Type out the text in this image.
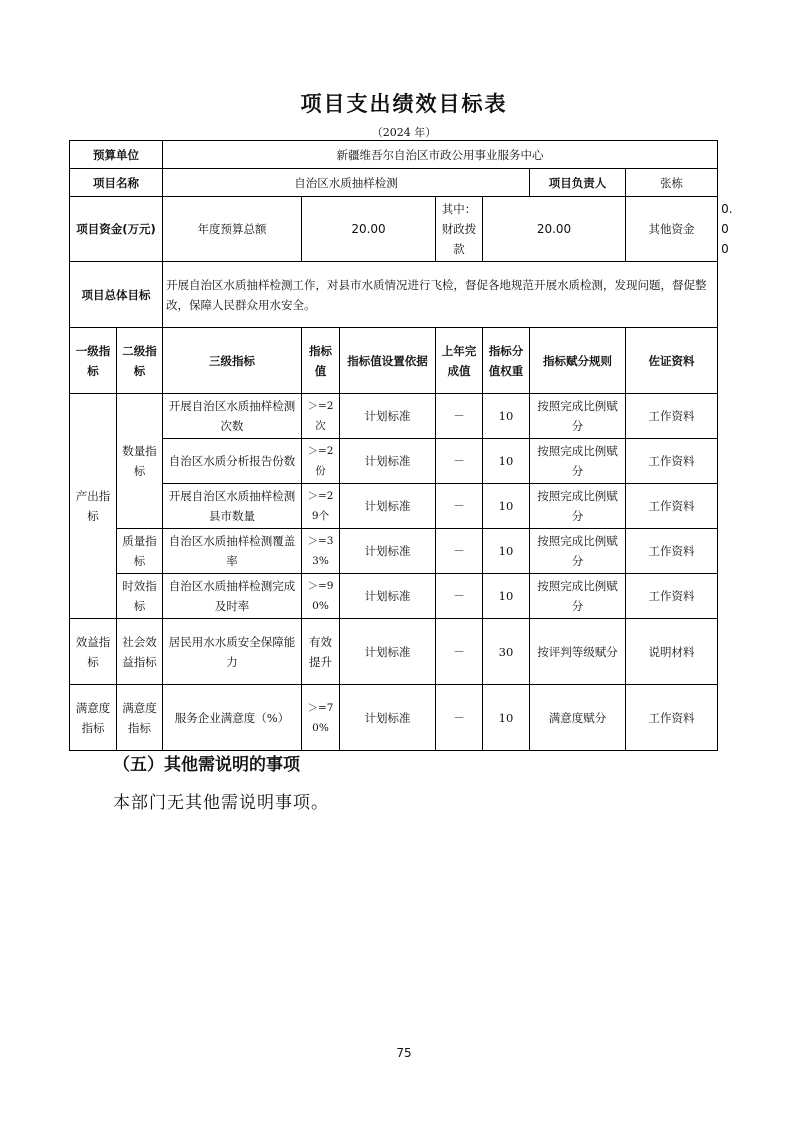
项目支出绩效目标表
（2024 年）
预算单位		新疆维吾尔自治区市政公用事业服务中心							
项目名称		自治区水质抽样检测					项目负责人	张栋	
项目资金(万元)		年度预算总额	20.00		其中：财政拨款	20.00		其他资金	0.00
项目总体目标		开展自治区水质抽样检测工作，对县市水质情况进行飞检，督促各地规范开展水质检测，发现问题，督促整改，保障人民群众用水安全。							
一级指标	二级指标	三级指标	指标值	指标值设置依据	上年完成值	指标分值权重	指标赋分规则	佐证资料	
产出指标	数量指标	开展自治区水质抽样检测次数	＞=2次	计划标准	－	10	按照完成比例赋分	工作资料	
		自治区水质分析报告份数	＞=2份	计划标准	－	10	按照完成比例赋分	工作资料	
		开展自治区水质抽样检测县市数量	＞=29个	计划标准	－	10	按照完成比例赋分	工作资料	
	质量指标	自治区水质抽样检测覆盖率	＞=33%	计划标准	－	10	按照完成比例赋分	工作资料	
	时效指标	自治区水质抽样检测完成及时率	＞=90%	计划标准	－	10	按照完成比例赋分	工作资料	
效益指标	社会效益指标	居民用水水质安全保障能力	有效提升	计划标准	－	30	按评判等级赋分	说明材料	
满意度指标	满意度指标	服务企业满意度（%）	＞=70%	计划标准	－	10	满意度赋分	工作资料	
（五）其他需说明的事项
本部门无其他需说明事项。
75
